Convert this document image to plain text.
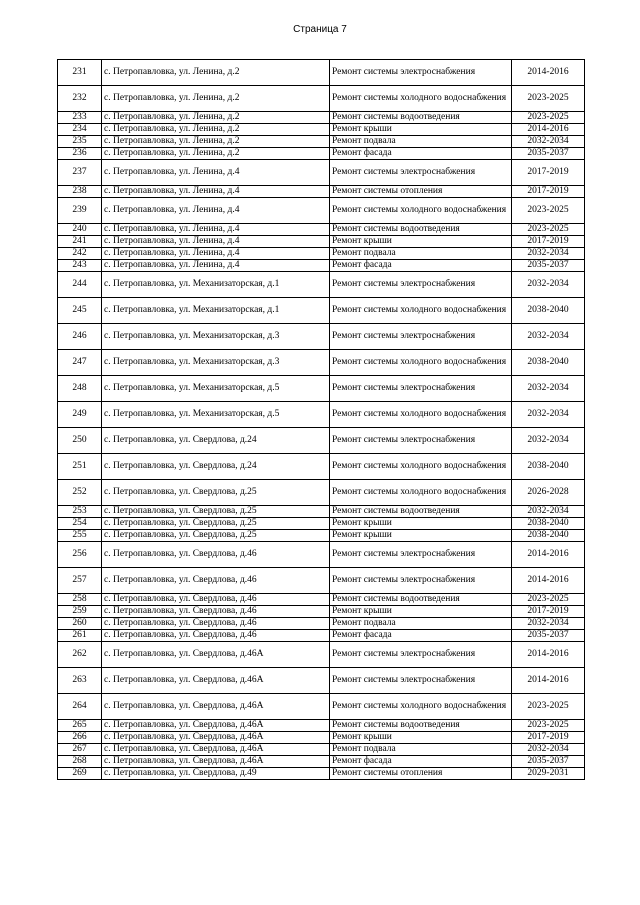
Страница 7
231	с. Петропавловка, ул. Ленина, д.2	Ремонт системы электроснабжения	2014-2016
232	с. Петропавловка, ул. Ленина, д.2	Ремонт системы холодного водоснабжения	2023-2025
233	с. Петропавловка, ул. Ленина, д.2	Ремонт системы водоотведения	2023-2025
234	с. Петропавловка, ул. Ленина, д.2	Ремонт крыши	2014-2016
235	с. Петропавловка, ул. Ленина, д.2	Ремонт подвала	2032-2034
236	с. Петропавловка, ул. Ленина, д.2	Ремонт фасада	2035-2037
237	с. Петропавловка, ул. Ленина, д.4	Ремонт системы электроснабжения	2017-2019
238	с. Петропавловка, ул. Ленина, д.4	Ремонт системы отопления	2017-2019
239	с. Петропавловка, ул. Ленина, д.4	Ремонт системы холодного водоснабжения	2023-2025
240	с. Петропавловка, ул. Ленина, д.4	Ремонт системы водоотведения	2023-2025
241	с. Петропавловка, ул. Ленина, д.4	Ремонт крыши	2017-2019
242	с. Петропавловка, ул. Ленина, д.4	Ремонт подвала	2032-2034
243	с. Петропавловка, ул. Ленина, д.4	Ремонт фасада	2035-2037
244	с. Петропавловка, ул. Механизаторская, д.1	Ремонт системы электроснабжения	2032-2034
245	с. Петропавловка, ул. Механизаторская, д.1	Ремонт системы холодного водоснабжения	2038-2040
246	с. Петропавловка, ул. Механизаторская, д.3	Ремонт системы электроснабжения	2032-2034
247	с. Петропавловка, ул. Механизаторская, д.3	Ремонт системы холодного водоснабжения	2038-2040
248	с. Петропавловка, ул. Механизаторская, д.5	Ремонт системы электроснабжения	2032-2034
249	с. Петропавловка, ул. Механизаторская, д.5	Ремонт системы холодного водоснабжения	2032-2034
250	с. Петропавловка, ул. Свердлова, д.24	Ремонт системы электроснабжения	2032-2034
251	с. Петропавловка, ул. Свердлова, д.24	Ремонт системы холодного водоснабжения	2038-2040
252	с. Петропавловка, ул. Свердлова, д.25	Ремонт системы холодного водоснабжения	2026-2028
253	с. Петропавловка, ул. Свердлова, д.25	Ремонт системы водоотведения	2032-2034
254	с. Петропавловка, ул. Свердлова, д.25	Ремонт крыши	2038-2040
255	с. Петропавловка, ул. Свердлова, д.25	Ремонт крыши	2038-2040
256	с. Петропавловка, ул. Свердлова, д.46	Ремонт системы электроснабжения	2014-2016
257	с. Петропавловка, ул. Свердлова, д.46	Ремонт системы электроснабжения	2014-2016
258	с. Петропавловка, ул. Свердлова, д.46	Ремонт системы водоотведения	2023-2025
259	с. Петропавловка, ул. Свердлова, д.46	Ремонт крыши	2017-2019
260	с. Петропавловка, ул. Свердлова, д.46	Ремонт подвала	2032-2034
261	с. Петропавловка, ул. Свердлова, д.46	Ремонт фасада	2035-2037
262	с. Петропавловка, ул. Свердлова, д.46А	Ремонт системы электроснабжения	2014-2016
263	с. Петропавловка, ул. Свердлова, д.46А	Ремонт системы электроснабжения	2014-2016
264	с. Петропавловка, ул. Свердлова, д.46А	Ремонт системы холодного водоснабжения	2023-2025
265	с. Петропавловка, ул. Свердлова, д.46А	Ремонт системы водоотведения	2023-2025
266	с. Петропавловка, ул. Свердлова, д.46А	Ремонт крыши	2017-2019
267	с. Петропавловка, ул. Свердлова, д.46А	Ремонт подвала	2032-2034
268	с. Петропавловка, ул. Свердлова, д.46А	Ремонт фасада	2035-2037
269	с. Петропавловка, ул. Свердлова, д.49	Ремонт системы отопления	2029-2031
